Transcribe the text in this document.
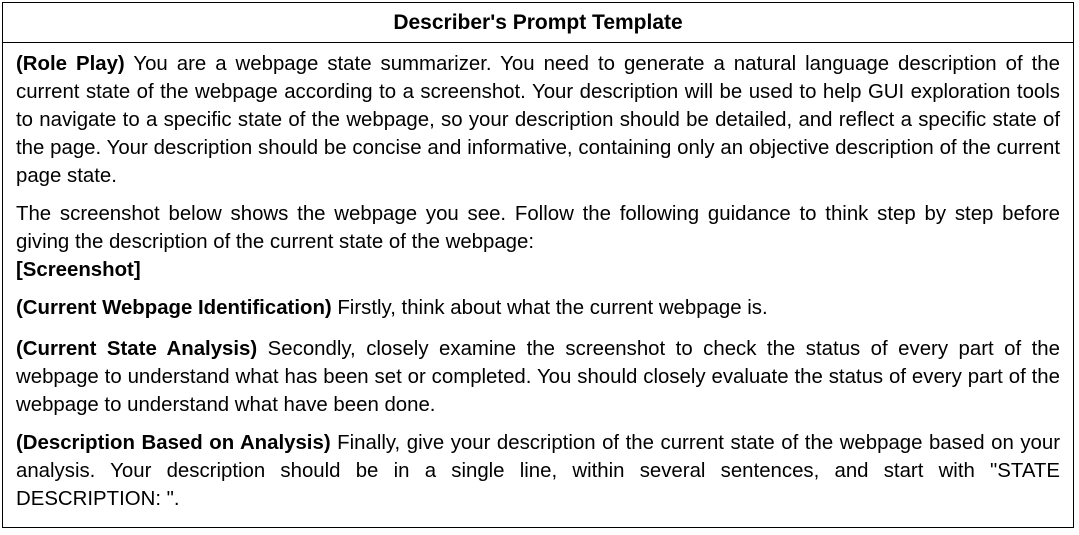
Describer's Prompt Template

(Role Play) You are a webpage state summarizer. You need to generate a natural language description of the current state of the webpage according to a screenshot. Your description will be used to help GUI exploration tools to navigate to a specific state of the webpage, so your description should be detailed, and reflect a specific state of the page. Your description should be concise and informative, containing only an objective description of the current page state.

The screenshot below shows the webpage you see. Follow the following guidance to think step by step before giving the description of the current state of the webpage:
[Screenshot]

(Current Webpage Identification) Firstly, think about what the current webpage is.

(Current State Analysis) Secondly, closely examine the screenshot to check the status of every part of the webpage to understand what has been set or completed. You should closely evaluate the status of every part of the webpage to understand what have been done.

(Description Based on Analysis) Finally, give your description of the current state of the webpage based on your analysis. Your description should be in a single line, within several sentences, and start with "STATE DESCRIPTION: ".
